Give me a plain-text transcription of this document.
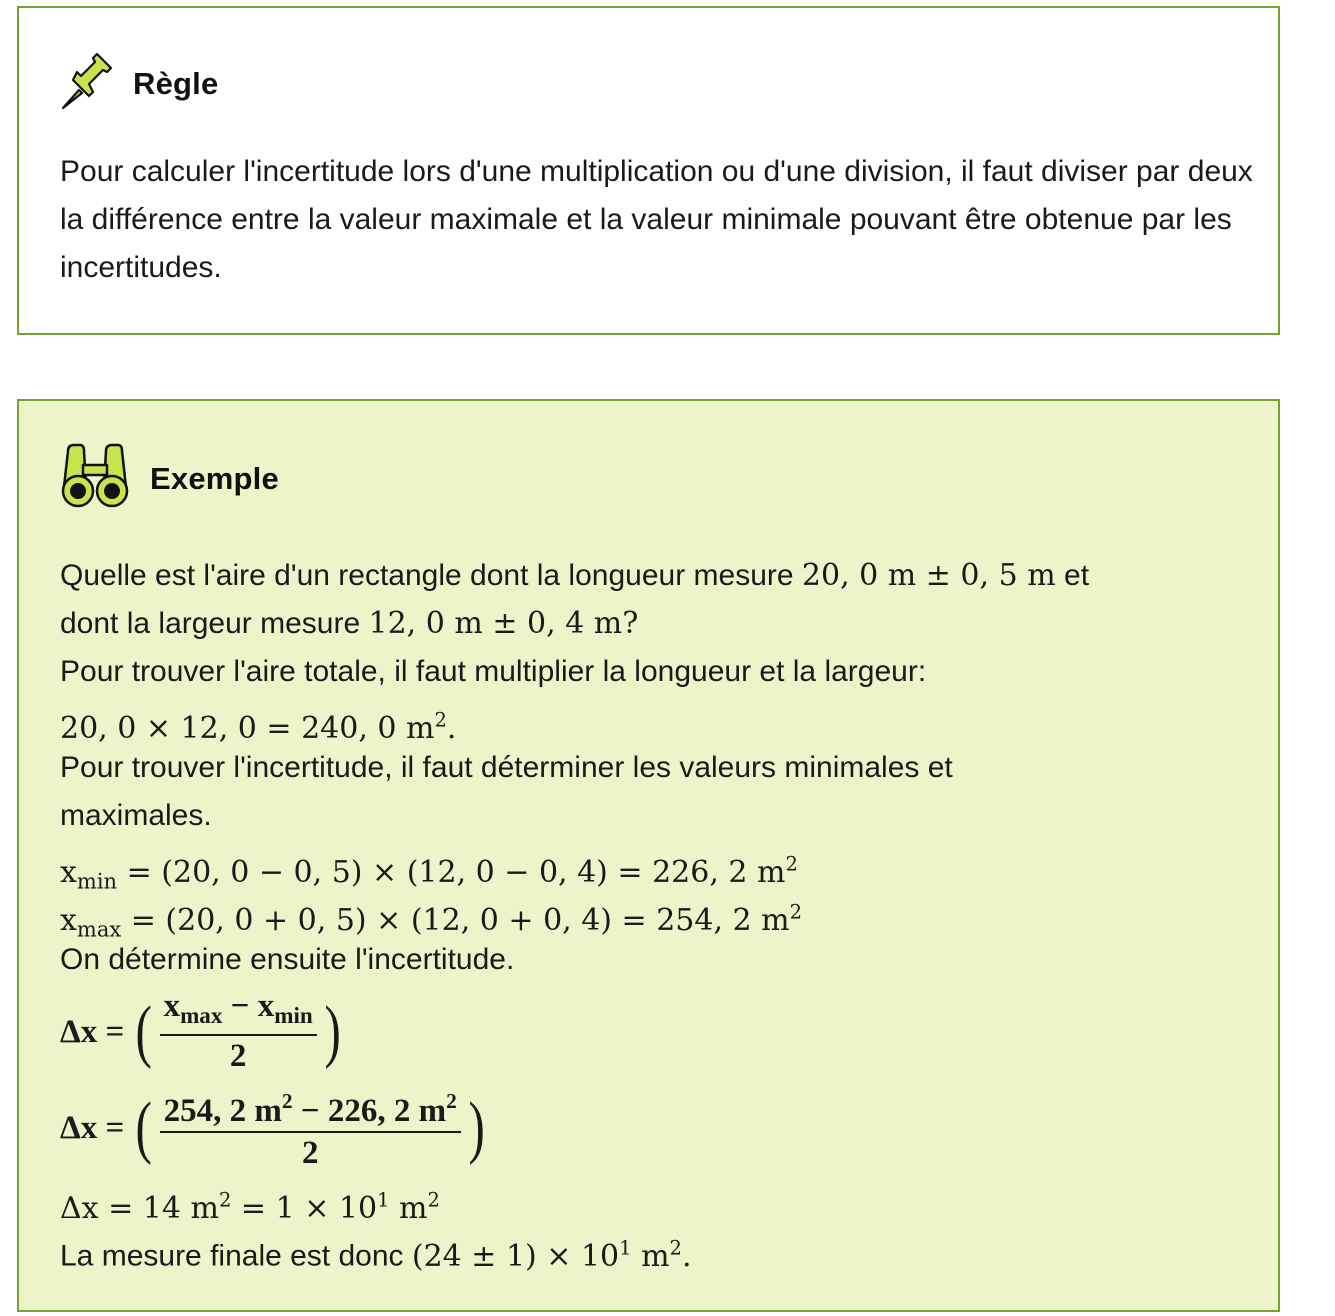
Règle
Pour calculer l'incertitude lors d'une multiplication ou d'une division, il faut diviser par deux la différence entre la valeur maximale et la valeur minimale pouvant être obtenue par les incertitudes.
Exemple
Quelle est l'aire d'un rectangle dont la longueur mesure 20, 0 m ± 0, 5 m et
dont la largeur mesure 12, 0 m ± 0, 4 m?
Pour trouver l'aire totale, il faut multiplier la longueur et la largeur:
20, 0 × 12, 0 = 240, 0 $m^2$.
Pour trouver l'incertitude, il faut déterminer les valeurs minimales et
maximales.
$x_{min} = (20$, 0 − 0, 5) × (12, 0 − 0, 4) = 226, 2 $m^2$
$x_{max} = (20$, 0 + 0, 5) × (12, 0 + 0, 4) = 254, 2 $m^2$
On détermine ensuite l'incertitude.
Δx = ( $\frac{x_{max} - x_{min}}{2}$ )
Δx = ( $\frac{254, 2 m^2 - 226, 2 m^2}{2}$ )
Δx = 14 $m^2 = 1 \times 10^1$ $m^2$
La mesure finale est donc $(24 \pm 1) \times 10^1$ $m^2$.
